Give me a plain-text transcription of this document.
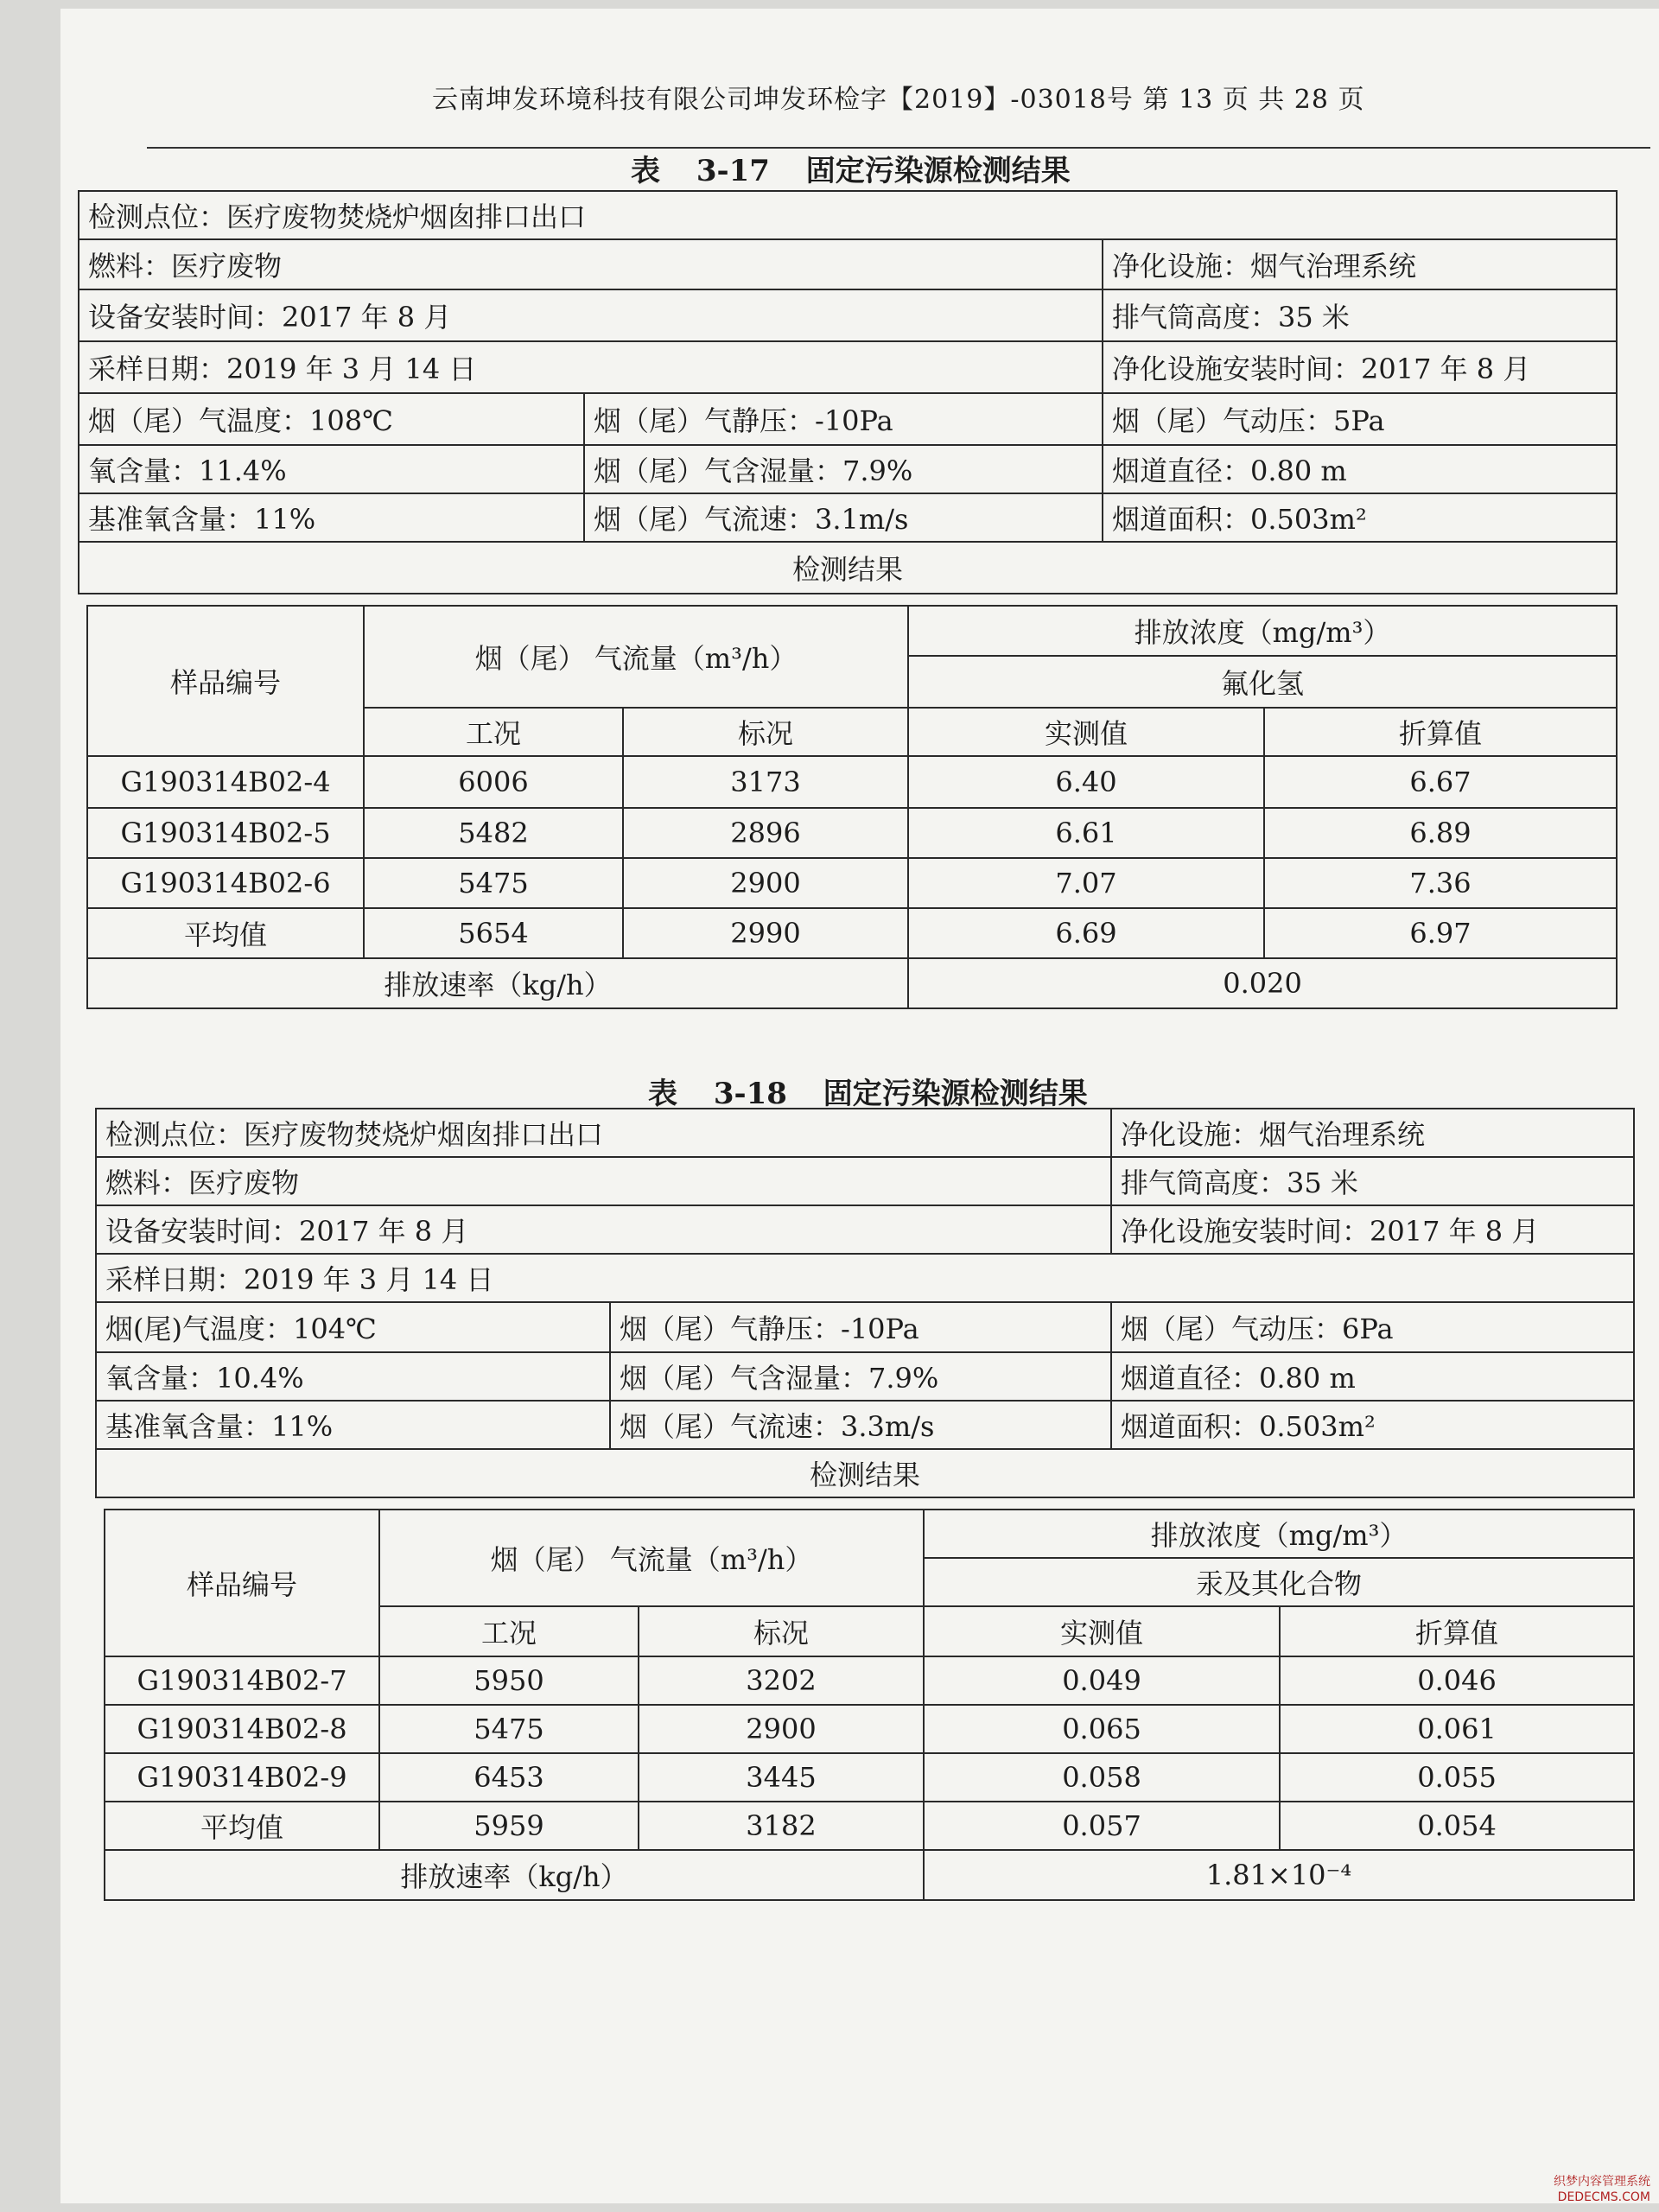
云南坤发环境科技有限公司坤发环检字【2019】-03018号 第 13 页 共 28 页
表 3-17 固定污染源检测结果
检测点位：医疗废物焚烧炉烟囱排口出口		
燃料：医疗废物		净化设施：烟气治理系统
设备安装时间：2017 年 8 月		排气筒高度：35 米
采样日期：2019 年 3 月 14 日		净化设施安装时间：2017 年 8 月
烟（尾）气温度：108℃	烟（尾）气静压：-10Pa	烟（尾）气动压：5Pa
氧含量：11.4%	烟（尾）气含湿量：7.9%	烟道直径：0.80 m
基准氧含量：11%	烟（尾）气流速：3.1m/s	烟道面积：0.503m²
检测结果		
样品编号	烟（尾） 气流量（m³/h）		排放浓度（mg/m³）	
			氟化氢	
	工况	标况	实测值	折算值
G190314B02-4	6006	3173	6.40	6.67
G190314B02-5	5482	2896	6.61	6.89
G190314B02-6	5475	2900	7.07	7.36
平均值	5654	2990	6.69	6.97
排放速率（kg/h）			0.020	
表 3-18 固定污染源检测结果
检测点位：医疗废物焚烧炉烟囱排口出口		净化设施：烟气治理系统
燃料：医疗废物		排气筒高度：35 米
设备安装时间：2017 年 8 月		净化设施安装时间：2017 年 8 月
采样日期：2019 年 3 月 14 日		
烟(尾)气温度：104℃	烟（尾）气静压：-10Pa	烟（尾）气动压：6Pa
氧含量：10.4%	烟（尾）气含湿量：7.9%	烟道直径：0.80 m
基准氧含量：11%	烟（尾）气流速：3.3m/s	烟道面积：0.503m²
检测结果		
样品编号	烟（尾） 气流量（m³/h）		排放浓度（mg/m³）	
			汞及其化合物	
	工况	标况	实测值	折算值
G190314B02-7	5950	3202	0.049	0.046
G190314B02-8	5475	2900	0.065	0.061
G190314B02-9	6453	3445	0.058	0.055
平均值	5959	3182	0.057	0.054
排放速率（kg/h）			1.81×10⁻⁴	
织梦内容管理系统
DEDECMS.COM
